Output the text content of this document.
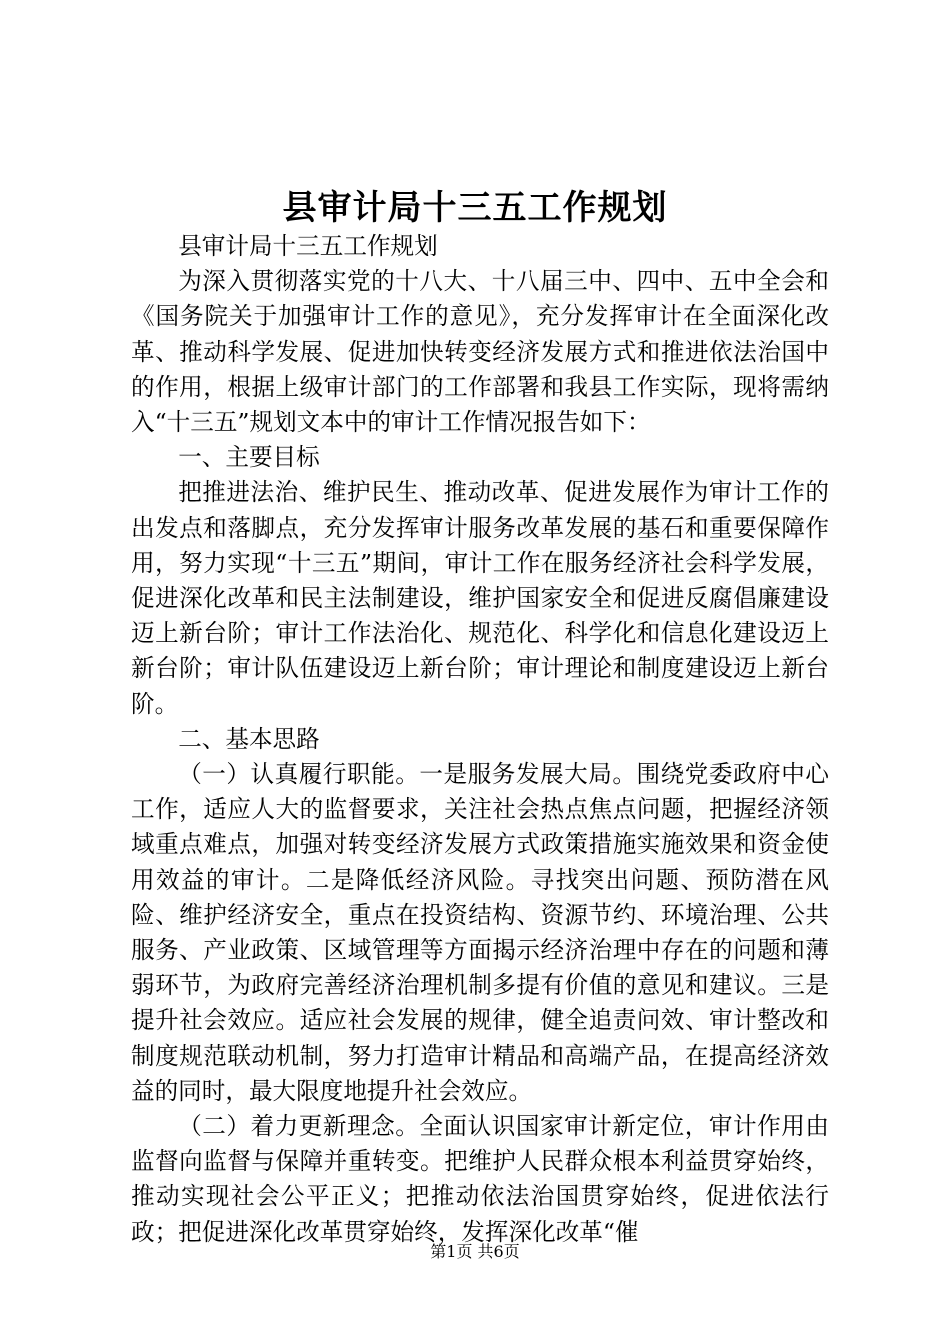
县审计局十三五工作规划

县审计局十三五工作规划

为深入贯彻落实党的十八大、十八届三中、四中、五中全会和《国务院关于加强审计工作的意见》，充分发挥审计在全面深化改革、推动科学发展、促进加快转变经济发展方式和推进依法治国中的作用，根据上级审计部门的工作部署和我县工作实际，现将需纳入“十三五”规划文本中的审计工作情况报告如下：

一、主要目标

把推进法治、维护民生、推动改革、促进发展作为审计工作的出发点和落脚点，充分发挥审计服务改革发展的基石和重要保障作用，努力实现“十三五”期间，审计工作在服务经济社会科学发展，促进深化改革和民主法制建设，维护国家安全和促进反腐倡廉建设迈上新台阶；审计工作法治化、规范化、科学化和信息化建设迈上新台阶；审计队伍建设迈上新台阶；审计理论和制度建设迈上新台阶。

二、基本思路

（一）认真履行职能。一是服务发展大局。围绕党委政府中心工作，适应人大的监督要求，关注社会热点焦点问题，把握经济领域重点难点，加强对转变经济发展方式政策措施实施效果和资金使用效益的审计。二是降低经济风险。寻找突出问题、预防潜在风险、维护经济安全，重点在投资结构、资源节约、环境治理、公共服务、产业政策、区域管理等方面揭示经济治理中存在的问题和薄弱环节，为政府完善经济治理机制多提有价值的意见和建议。三是提升社会效应。适应社会发展的规律，健全追责问效、审计整改和制度规范联动机制，努力打造审计精品和高端产品，在提高经济效益的同时，最大限度地提升社会效应。

（二）着力更新理念。全面认识国家审计新定位，审计作用由监督向监督与保障并重转变。把维护人民群众根本利益贯穿始终，推动实现社会公平正义；把推动依法治国贯穿始终，促进依法行政；把促进深化改革贯穿始终，发挥深化改革“催

第1页 共6页
